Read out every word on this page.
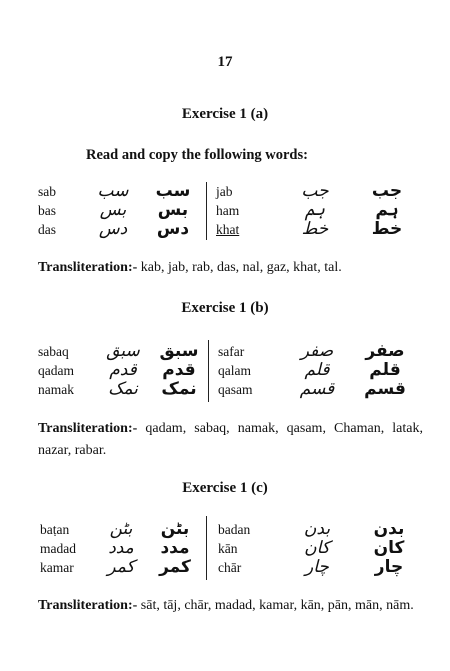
17
Exercise 1 (a)
Read and copy the following words:
sab
bas
das
سب
بس
دس
سب
بس
دس
jab
ham
khat
جب
ہم
خط
جب
ہم
خط
Transliteration:- kab, jab, rab, das, nal, gaz, khat, tal.
Exercise 1 (b)
sabaq
qadam
namak
سبق
قدم
نمک
سبق
قدم
نمک
safar
qalam
qasam
صفر
قلم
قسم
صفر
قلم
قسم
Transliteration:- qadam, sabaq, namak, qasam, Chaman, latak, nazar, rabar.
Exercise 1 (c)
baṭan
madad
kamar
بٹن
مدد
کمر
بٹن
مدد
کمر
badan
kān
chār
بدن
کان
چار
بدن
کان
چار
Transliteration:- sāt, tāj, chār, madad, kamar, kān, pān, mān, nām.
